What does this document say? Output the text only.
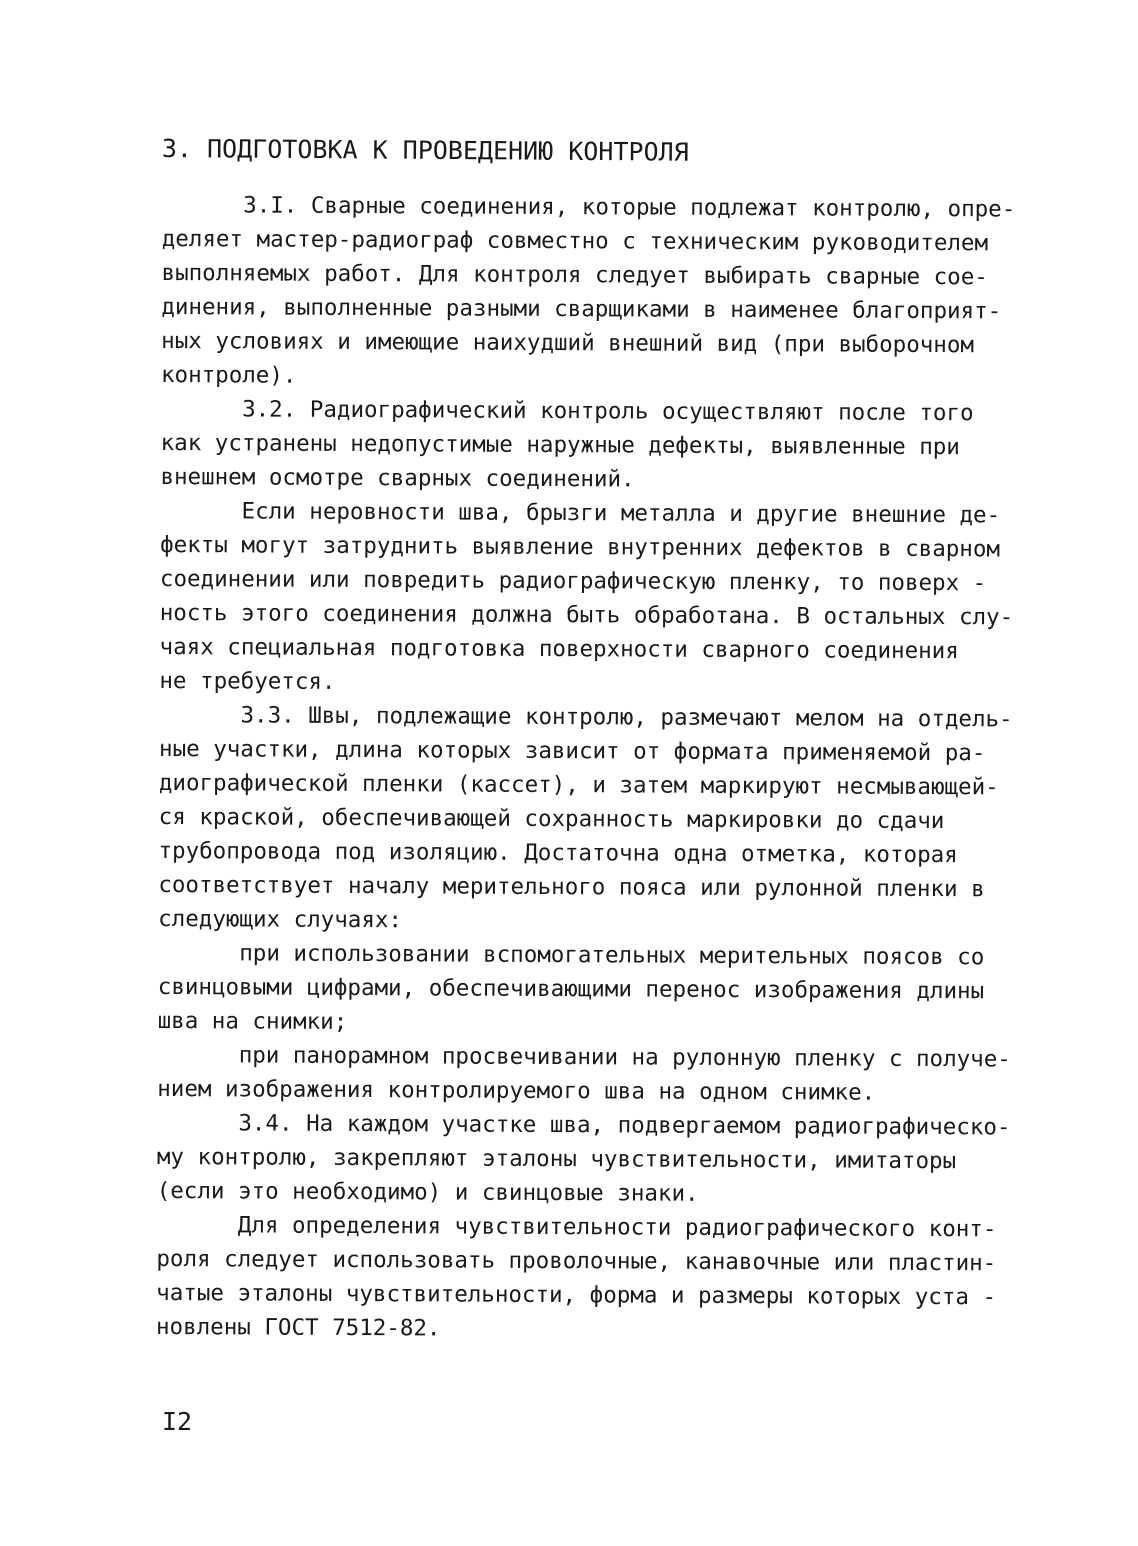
3. ПОДГОТОВКА К ПРОВЕДЕНИЮ КОНТРОЛЯ
3.I. Сварные соединения, которые подлежат контролю, опре-
деляет мастер-радиограф совместно с техническим руководителем
выполняемых работ. Для контроля следует выбирать сварные сое-
динения, выполненные разными сварщиками в наименее благоприят-
ных условиях и имеющие наихудший внешний вид (при выборочном
контроле).
3.2. Радиографический контроль осуществляют после того
как устранены недопустимые наружные дефекты, выявленные при
внешнем осмотре сварных соединений.
Если неровности шва, брызги металла и другие внешние де-
фекты могут затруднить выявление внутренних дефектов в сварном
соединении или повредить радиографическую пленку, то поверх -
ность этого соединения должна быть обработана. В остальных слу-
чаях специальная подготовка поверхности сварного соединения
не требуется.
3.3. Швы, подлежащие контролю, размечают мелом на отдель-
ные участки, длина которых зависит от формата применяемой ра-
диографической пленки (кассет), и затем маркируют несмывающей-
ся краской, обеспечивающей сохранность маркировки до сдачи
трубопровода под изоляцию. Достаточна одна отметка, которая
соответствует началу мерительного пояса или рулонной пленки в
следующих случаях:
при использовании вспомогательных мерительных поясов со
свинцовыми цифрами, обеспечивающими перенос изображения длины
шва на снимки;
при панорамном просвечивании на рулонную пленку с получе-
нием изображения контролируемого шва на одном снимке.
3.4. На каждом участке шва, подвергаемом радиографическо-
му контролю, закрепляют эталоны чувствительности, имитаторы
(если это необходимо) и свинцовые знаки.
Для определения чувствительности радиографического конт-
роля следует использовать проволочные, канавочные или пластин-
чатые эталоны чувствительности, форма и размеры которых уста -
новлены ГОСТ 7512-82.
I2
